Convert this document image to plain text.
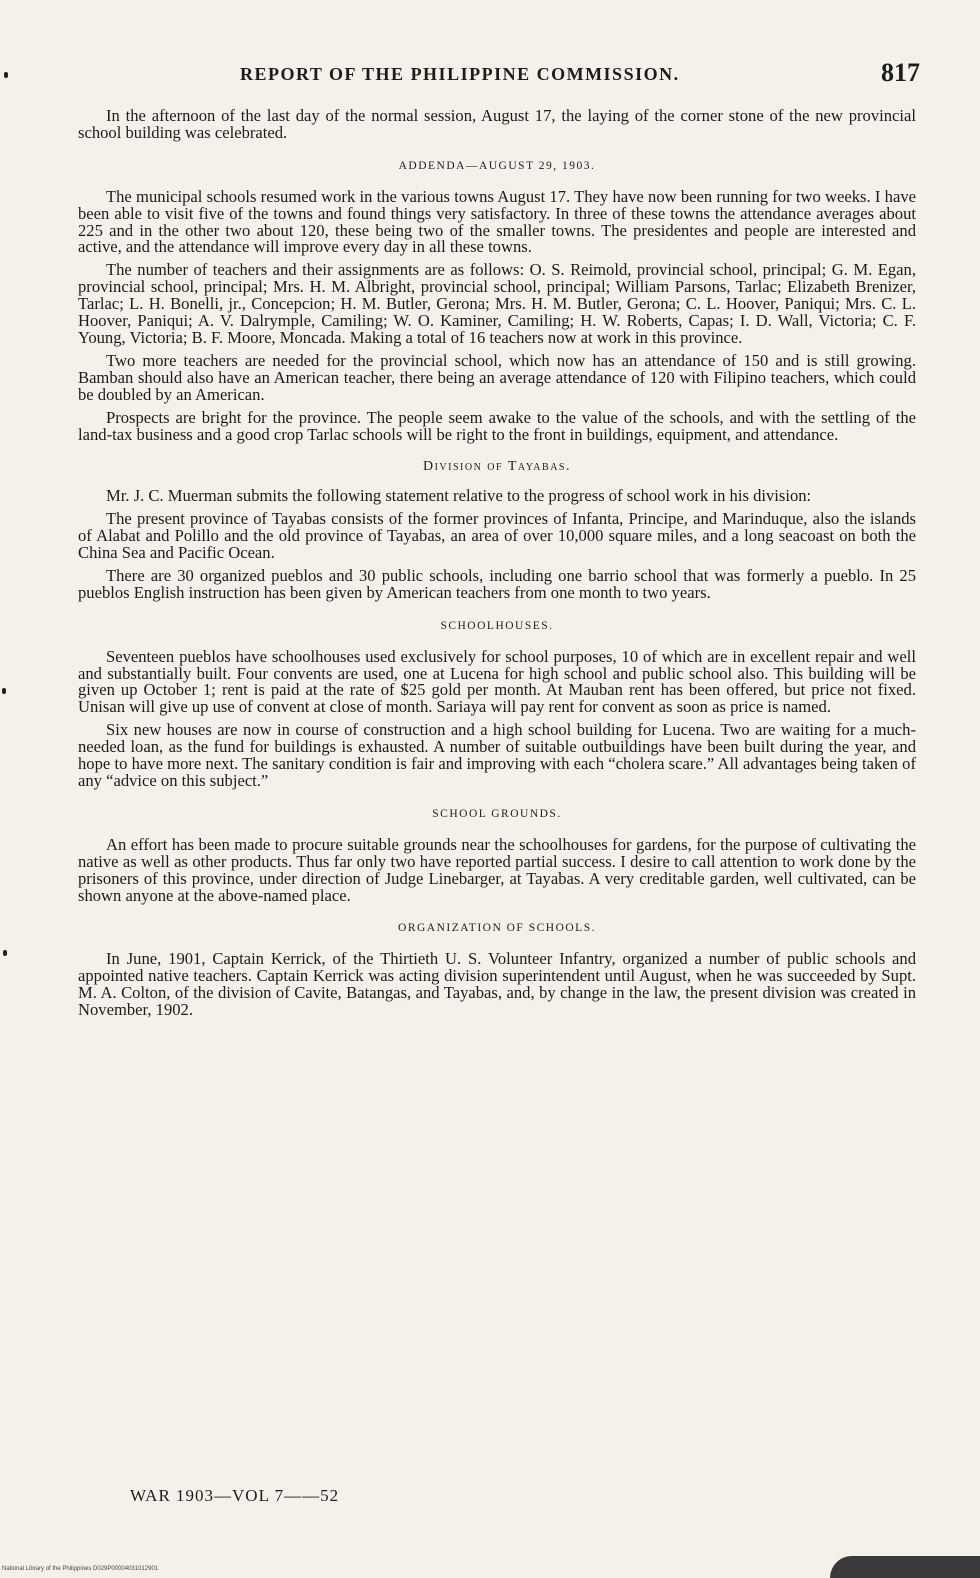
REPORT OF THE PHILIPPINE COMMISSION.	817

In the afternoon of the last day of the normal session, August 17, the laying of the corner stone of the new provincial school building was celebrated.

ADDENDA—AUGUST 29, 1903.

The municipal schools resumed work in the various towns August 17. They have now been running for two weeks. I have been able to visit five of the towns and found things very satisfactory. In three of these towns the attendance averages about 225 and in the other two about 120, these being two of the smaller towns. The presidentes and people are interested and active, and the attendance will improve every day in all these towns.

The number of teachers and their assignments are as follows: O. S. Reimold, provincial school, principal; G. M. Egan, provincial school, principal; Mrs. H. M. Albright, provincial school, principal; William Parsons, Tarlac; Elizabeth Brenizer, Tarlac; L. H. Bonelli, jr., Concepcion; H. M. Butler, Gerona; Mrs. H. M. Butler, Gerona; C. L. Hoover, Paniqui; Mrs. C. L. Hoover, Paniqui; A. V. Dalrymple, Camiling; W. O. Kaminer, Camiling; H. W. Roberts, Capas; I. D. Wall, Victoria; C. F. Young, Victoria; B. F. Moore, Moncada. Making a total of 16 teachers now at work in this province.

Two more teachers are needed for the provincial school, which now has an attendance of 150 and is still growing. Bamban should also have an American teacher, there being an average attendance of 120 with Filipino teachers, which could be doubled by an American.

Prospects are bright for the province. The people seem awake to the value of the schools, and with the settling of the land-tax business and a good crop Tarlac schools will be right to the front in buildings, equipment, and attendance.

Division of Tayabas.

Mr. J. C. Muerman submits the following statement relative to the progress of school work in his division:

The present province of Tayabas consists of the former provinces of Infanta, Principe, and Marinduque, also the islands of Alabat and Polillo and the old province of Tayabas, an area of over 10,000 square miles, and a long seacoast on both the China Sea and Pacific Ocean.

There are 30 organized pueblos and 30 public schools, including one barrio school that was formerly a pueblo. In 25 pueblos English instruction has been given by American teachers from one month to two years.

SCHOOLHOUSES.

Seventeen pueblos have schoolhouses used exclusively for school purposes, 10 of which are in excellent repair and well and substantially built. Four convents are used, one at Lucena for high school and public school also. This building will be given up October 1; rent is paid at the rate of $25 gold per month. At Mauban rent has been offered, but price not fixed. Unisan will give up use of convent at close of month. Sariaya will pay rent for convent as soon as price is named.

Six new houses are now in course of construction and a high school building for Lucena. Two are waiting for a much-needed loan, as the fund for buildings is exhausted. A number of suitable outbuildings have been built during the year, and hope to have more next. The sanitary condition is fair and improving with each “cholera scare.” All advantages being taken of any “advice on this subject.”

SCHOOL GROUNDS.

An effort has been made to procure suitable grounds near the schoolhouses for gardens, for the purpose of cultivating the native as well as other products. Thus far only two have reported partial success. I desire to call attention to work done by the prisoners of this province, under direction of Judge Linebarger, at Tayabas. A very creditable garden, well cultivated, can be shown anyone at the above-named place.

ORGANIZATION OF SCHOOLS.

In June, 1901, Captain Kerrick, of the Thirtieth U. S. Volunteer Infantry, organized a number of public schools and appointed native teachers. Captain Kerrick was acting division superintendent until August, when he was succeeded by Supt. M. A. Colton, of the division of Cavite, Batangas, and Tayabas, and, by change in the law, the present division was created in November, 1902.

WAR 1903—VOL 7——52
National Library of the Philippines D029P00004031012901
